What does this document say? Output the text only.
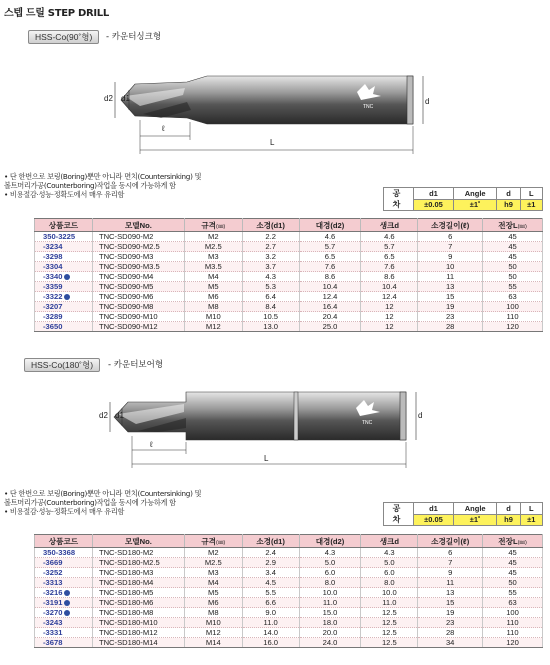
스텝 드릴 STEP DRILL
HSS-Co(90˚형)	- 카운터싱크형
TNC
d2 d1	d
ℓ
L
• 단 한번으로 보링(Boring)뿐만 아니라 면치(Countersinking) 및
볼트머리가공(Counterboring)작업을 동시에 가능하게 함
• 비용절감·성능·정확도에서 매우 유리함	공 차	d1	Angle	d	L
	±0.05	±1˚	h9	±1
상품코드	모델No.	규격(㎜)	소경(d1)	대경(d2)	생크d	소경길이(ℓ)	전장L(㎜)
350-3225	TNC-SD090-M2	M2	2.2	4.6	4.6	6	45
-3234	TNC-SD090-M2.5	M2.5	2.7	5.7	5.7	7	45
-3298	TNC-SD090-M3	M3	3.2	6.5	6.5	9	45
-3304	TNC-SD090-M3.5	M3.5	3.7	7.6	7.6	10	50
-3340	TNC-SD090-M4	M4	4.3	8.6	8.6	11	50
-3359	TNC-SD090-M5	M5	5.3	10.4	10.4	13	55
-3322	TNC-SD090-M6	M6	6.4	12.4	12.4	15	63
-3207	TNC-SD090-M8	M8	8.4	16.4	12	19	100
-3289	TNC-SD090-M10	M10	10.5	20.4	12	23	110
-3650	TNC-SD090-M12	M12	13.0	25.0	12	28	120
HSS-Co(180˚형)	- 카운터보어형
TNC
d2 d1	d
ℓ
L
• 단 한번으로 보링(Boring)뿐만 아니라 면치(Countersinking) 및
볼트머리가공(Counterboring)작업을 동시에 가능하게 함
• 비용절감·성능·정확도에서 매우 유리함	공 차	d1	Angle	d	L
	±0.05	±1˚	h9	±1
상품코드	모델No.	규격(㎜)	소경(d1)	대경(d2)	생크d	소경길이(ℓ)	전장L(㎜)
350-3368	TNC-SD180-M2	M2	2.4	4.3	4.3	6	45
-3669	TNC-SD180-M2.5	M2.5	2.9	5.0	5.0	7	45
-3252	TNC-SD180-M3	M3	3.4	6.0	6.0	9	45
-3313	TNC-SD180-M4	M4	4.5	8.0	8.0	11	50
-3216	TNC-SD180-M5	M5	5.5	10.0	10.0	13	55
-3191	TNC-SD180-M6	M6	6.6	11.0	11.0	15	63
-3270	TNC-SD180-M8	M8	9.0	15.0	12.5	19	100
-3243	TNC-SD180-M10	M10	11.0	18.0	12.5	23	110
-3331	TNC-SD180-M12	M12	14.0	20.0	12.5	28	110
-3678	TNC-SD180-M14	M14	16.0	24.0	12.5	34	120
